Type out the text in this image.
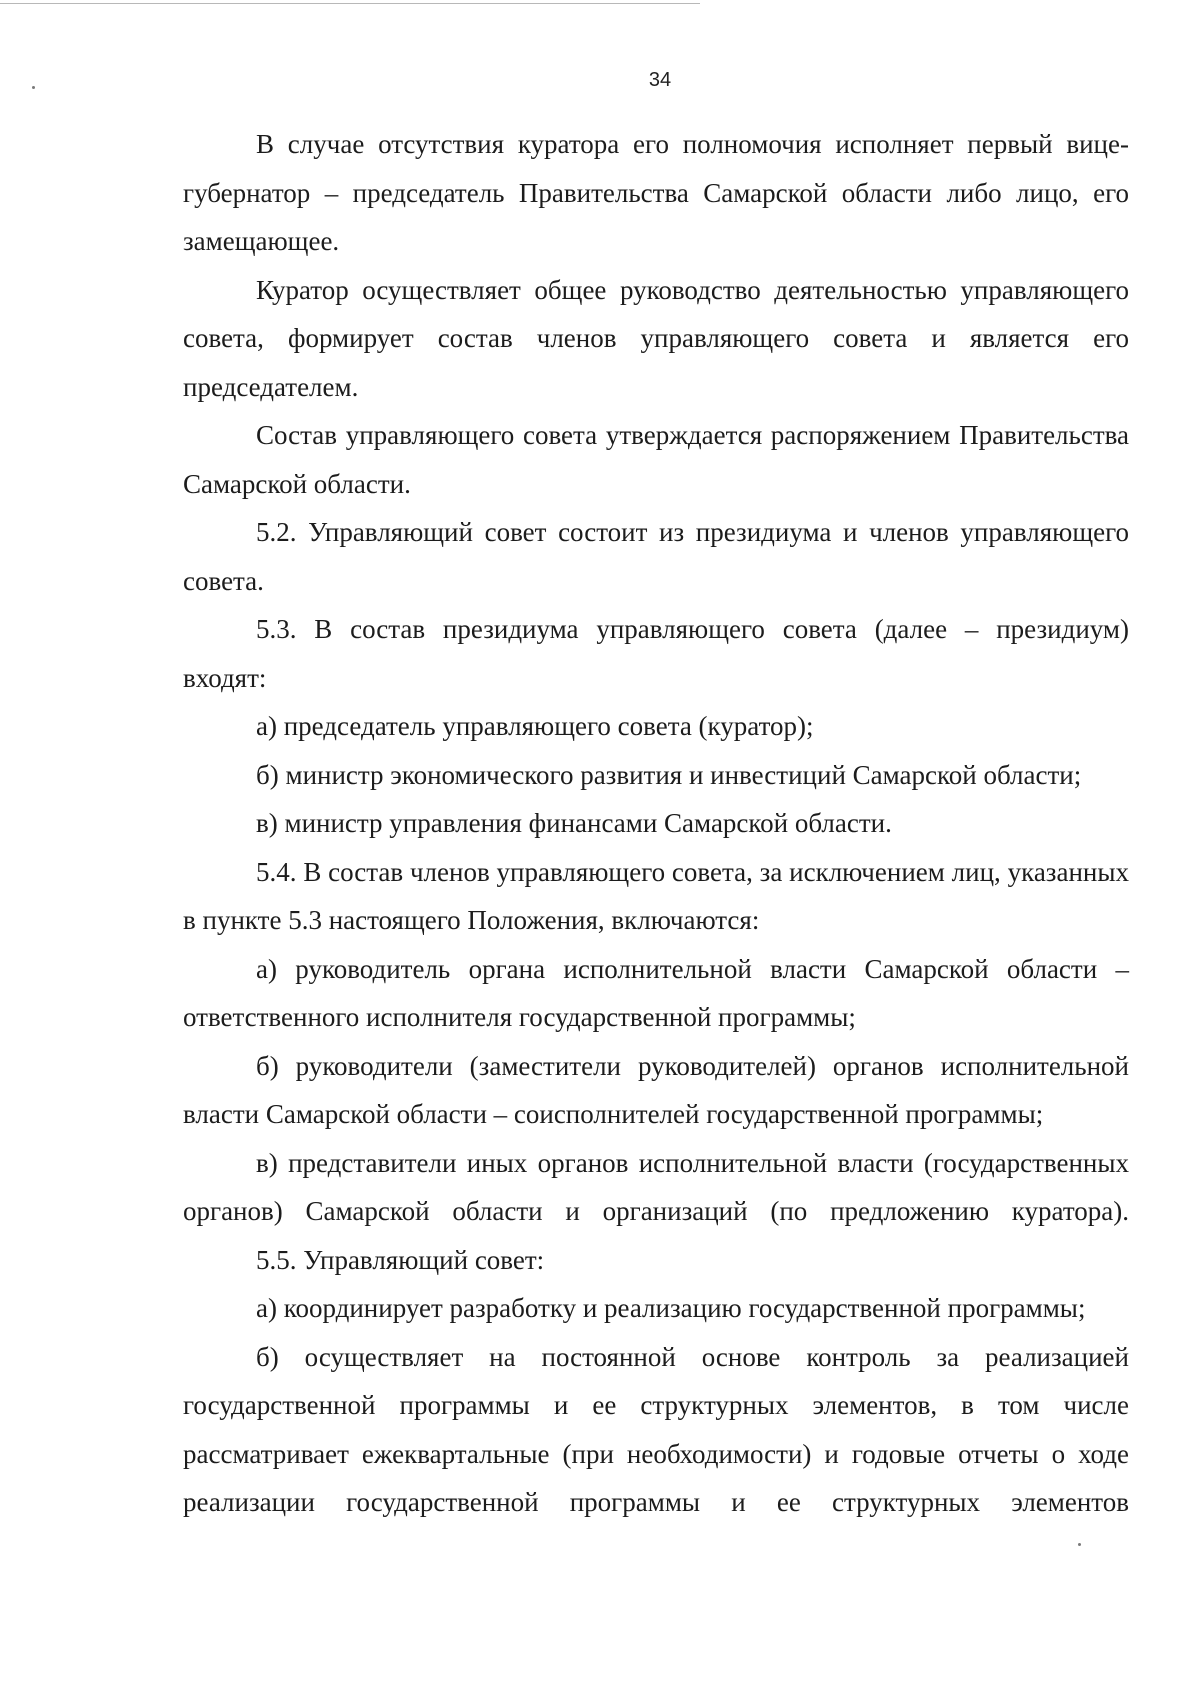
34

В случае отсутствия куратора его полномочия исполняет первый вице-губернатор – председатель Правительства Самарской области либо лицо, его замещающее.

Куратор осуществляет общее руководство деятельностью управляющего совета, формирует состав членов управляющего совета и является его председателем.

Состав управляющего совета утверждается распоряжением Правительства Самарской области.

5.2. Управляющий совет состоит из президиума и членов управляющего совета.

5.3. В состав президиума управляющего совета (далее – президиум) входят:

а) председатель управляющего совета (куратор);

б) министр экономического развития и инвестиций Самарской области;

в) министр управления финансами Самарской области.

5.4. В состав членов управляющего совета, за исключением лиц, указанных в пункте 5.3 настоящего Положения, включаются:

а) руководитель органа исполнительной власти Самарской области – ответственного исполнителя государственной программы;

б) руководители (заместители руководителей) органов исполнительной власти Самарской области – соисполнителей государственной программы;

в) представители иных органов исполнительной власти (государственных органов) Самарской области и организаций (по предложению куратора).

5.5. Управляющий совет:

а) координирует разработку и реализацию государственной программы;

б) осуществляет на постоянной основе контроль за реализацией государственной программы и ее структурных элементов, в том числе рассматривает ежеквартальные (при необходимости) и годовые отчеты о ходе реализации государственной программы и ее структурных элементов
